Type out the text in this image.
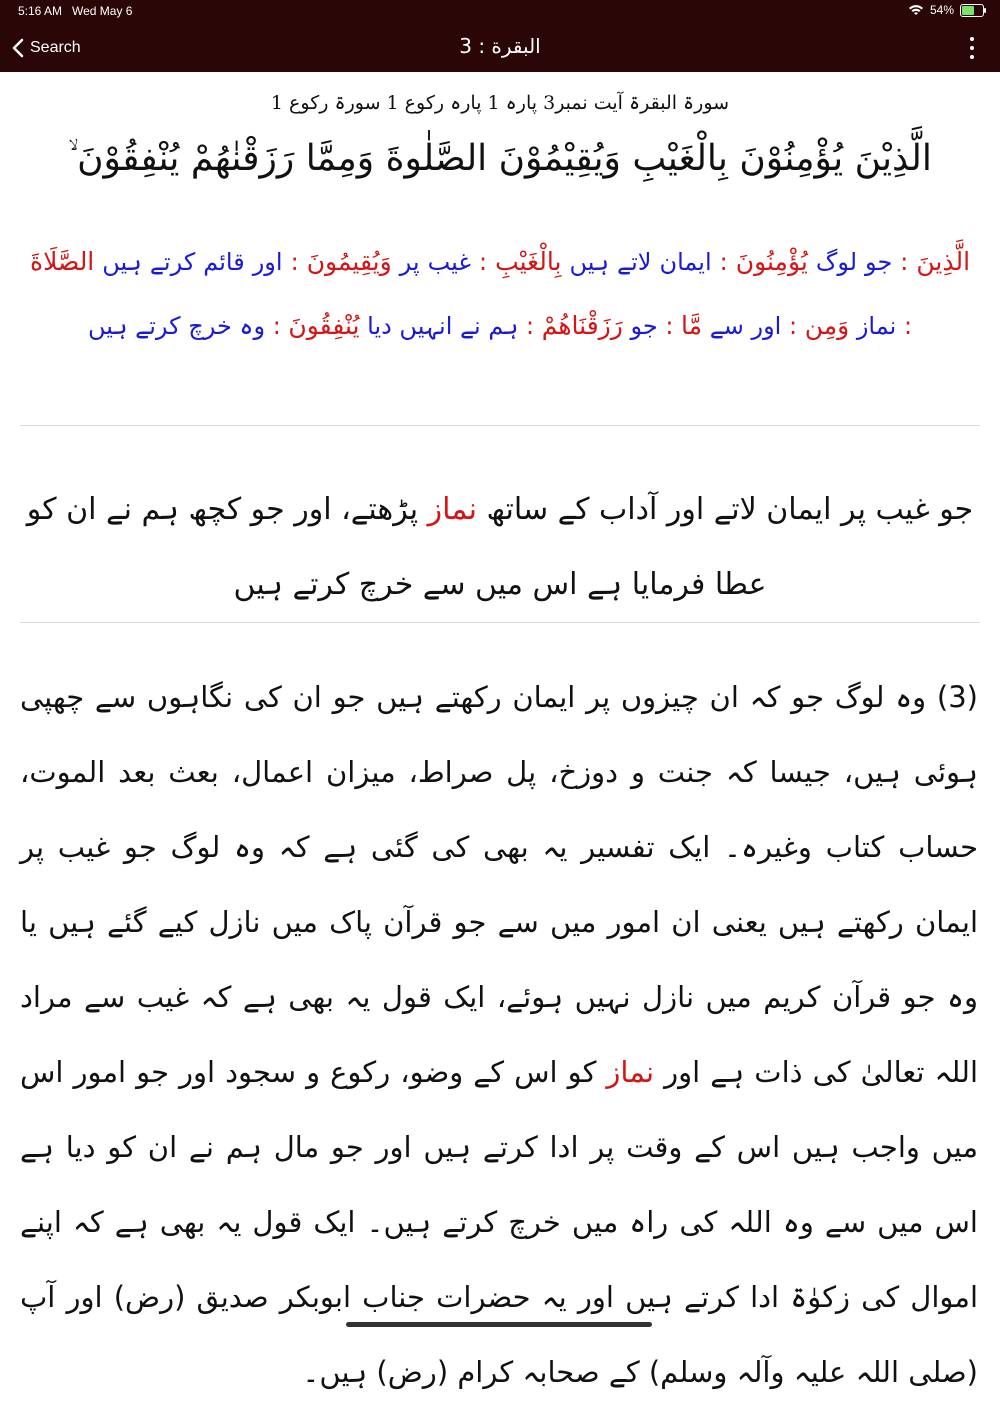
5:16 AM Wed May 6	54%
Search	البقرة : 3
سورۃ البقرۃ آیت نمبر3 پارہ 1 پارہ رکوع 1 سورۃ رکوع 1
الَّذِيْنَ يُؤْمِنُوْنَ بِالْغَيْبِ وَيُقِيْمُوْنَ الصَّلٰوةَ وَمِمَّا رَزَقْنٰهُمْ يُنْفِقُوْنَ ۙ
الَّذِينَ : جو لوگ يُؤْمِنُونَ : ایمان لاتے ہیں بِالْغَيْبِ : غیب پر وَيُقِيمُونَ : اور قائم کرتے ہیں الصَّلَاةَ : نماز وَمِن : اور سے مَّا : جو رَزَقْنَاهُمْ : ہم نے انہیں دیا يُنْفِقُونَ : وہ خرچ کرتے ہیں
جو غیب پر ایمان لاتے اور آداب کے ساتھ نماز پڑھتے، اور جو کچھ ہم نے ان کو عطا فرمایا ہے اس میں سے خرچ کرتے ہیں
(3) وہ لوگ جو کہ ان چیزوں پر ایمان رکھتے ہیں جو ان کی نگاہوں سے چھپی ہوئی ہیں، جیسا کہ جنت و دوزخ، پل صراط، میزان اعمال، بعث بعد الموت، حساب کتاب وغیرہ۔ ایک تفسیر یہ بھی کی گئی ہے کہ وہ لوگ جو غیب پر ایمان رکھتے ہیں یعنی ان امور میں سے جو قرآن پاک میں نازل کیے گئے ہیں یا وہ جو قرآن کریم میں نازل نہیں ہوئے، ایک قول یہ بھی ہے کہ غیب سے مراد اللہ تعالیٰ کی ذات ہے اور نماز کو اس کے وضو، رکوع و سجود اور جو امور اس میں واجب ہیں اس کے وقت پر ادا کرتے ہیں اور جو مال ہم نے ان کو دیا ہے اس میں سے وہ اللہ کی راہ میں خرچ کرتے ہیں۔ ایک قول یہ بھی ہے کہ اپنے اموال کی زکوٰۃ ادا کرتے ہیں اور یہ حضرات جناب ابوبکر صدیق (رض) اور آپ (صلی اللہ علیہ وآلہ وسلم) کے صحابہ کرام (رض) ہیں۔
